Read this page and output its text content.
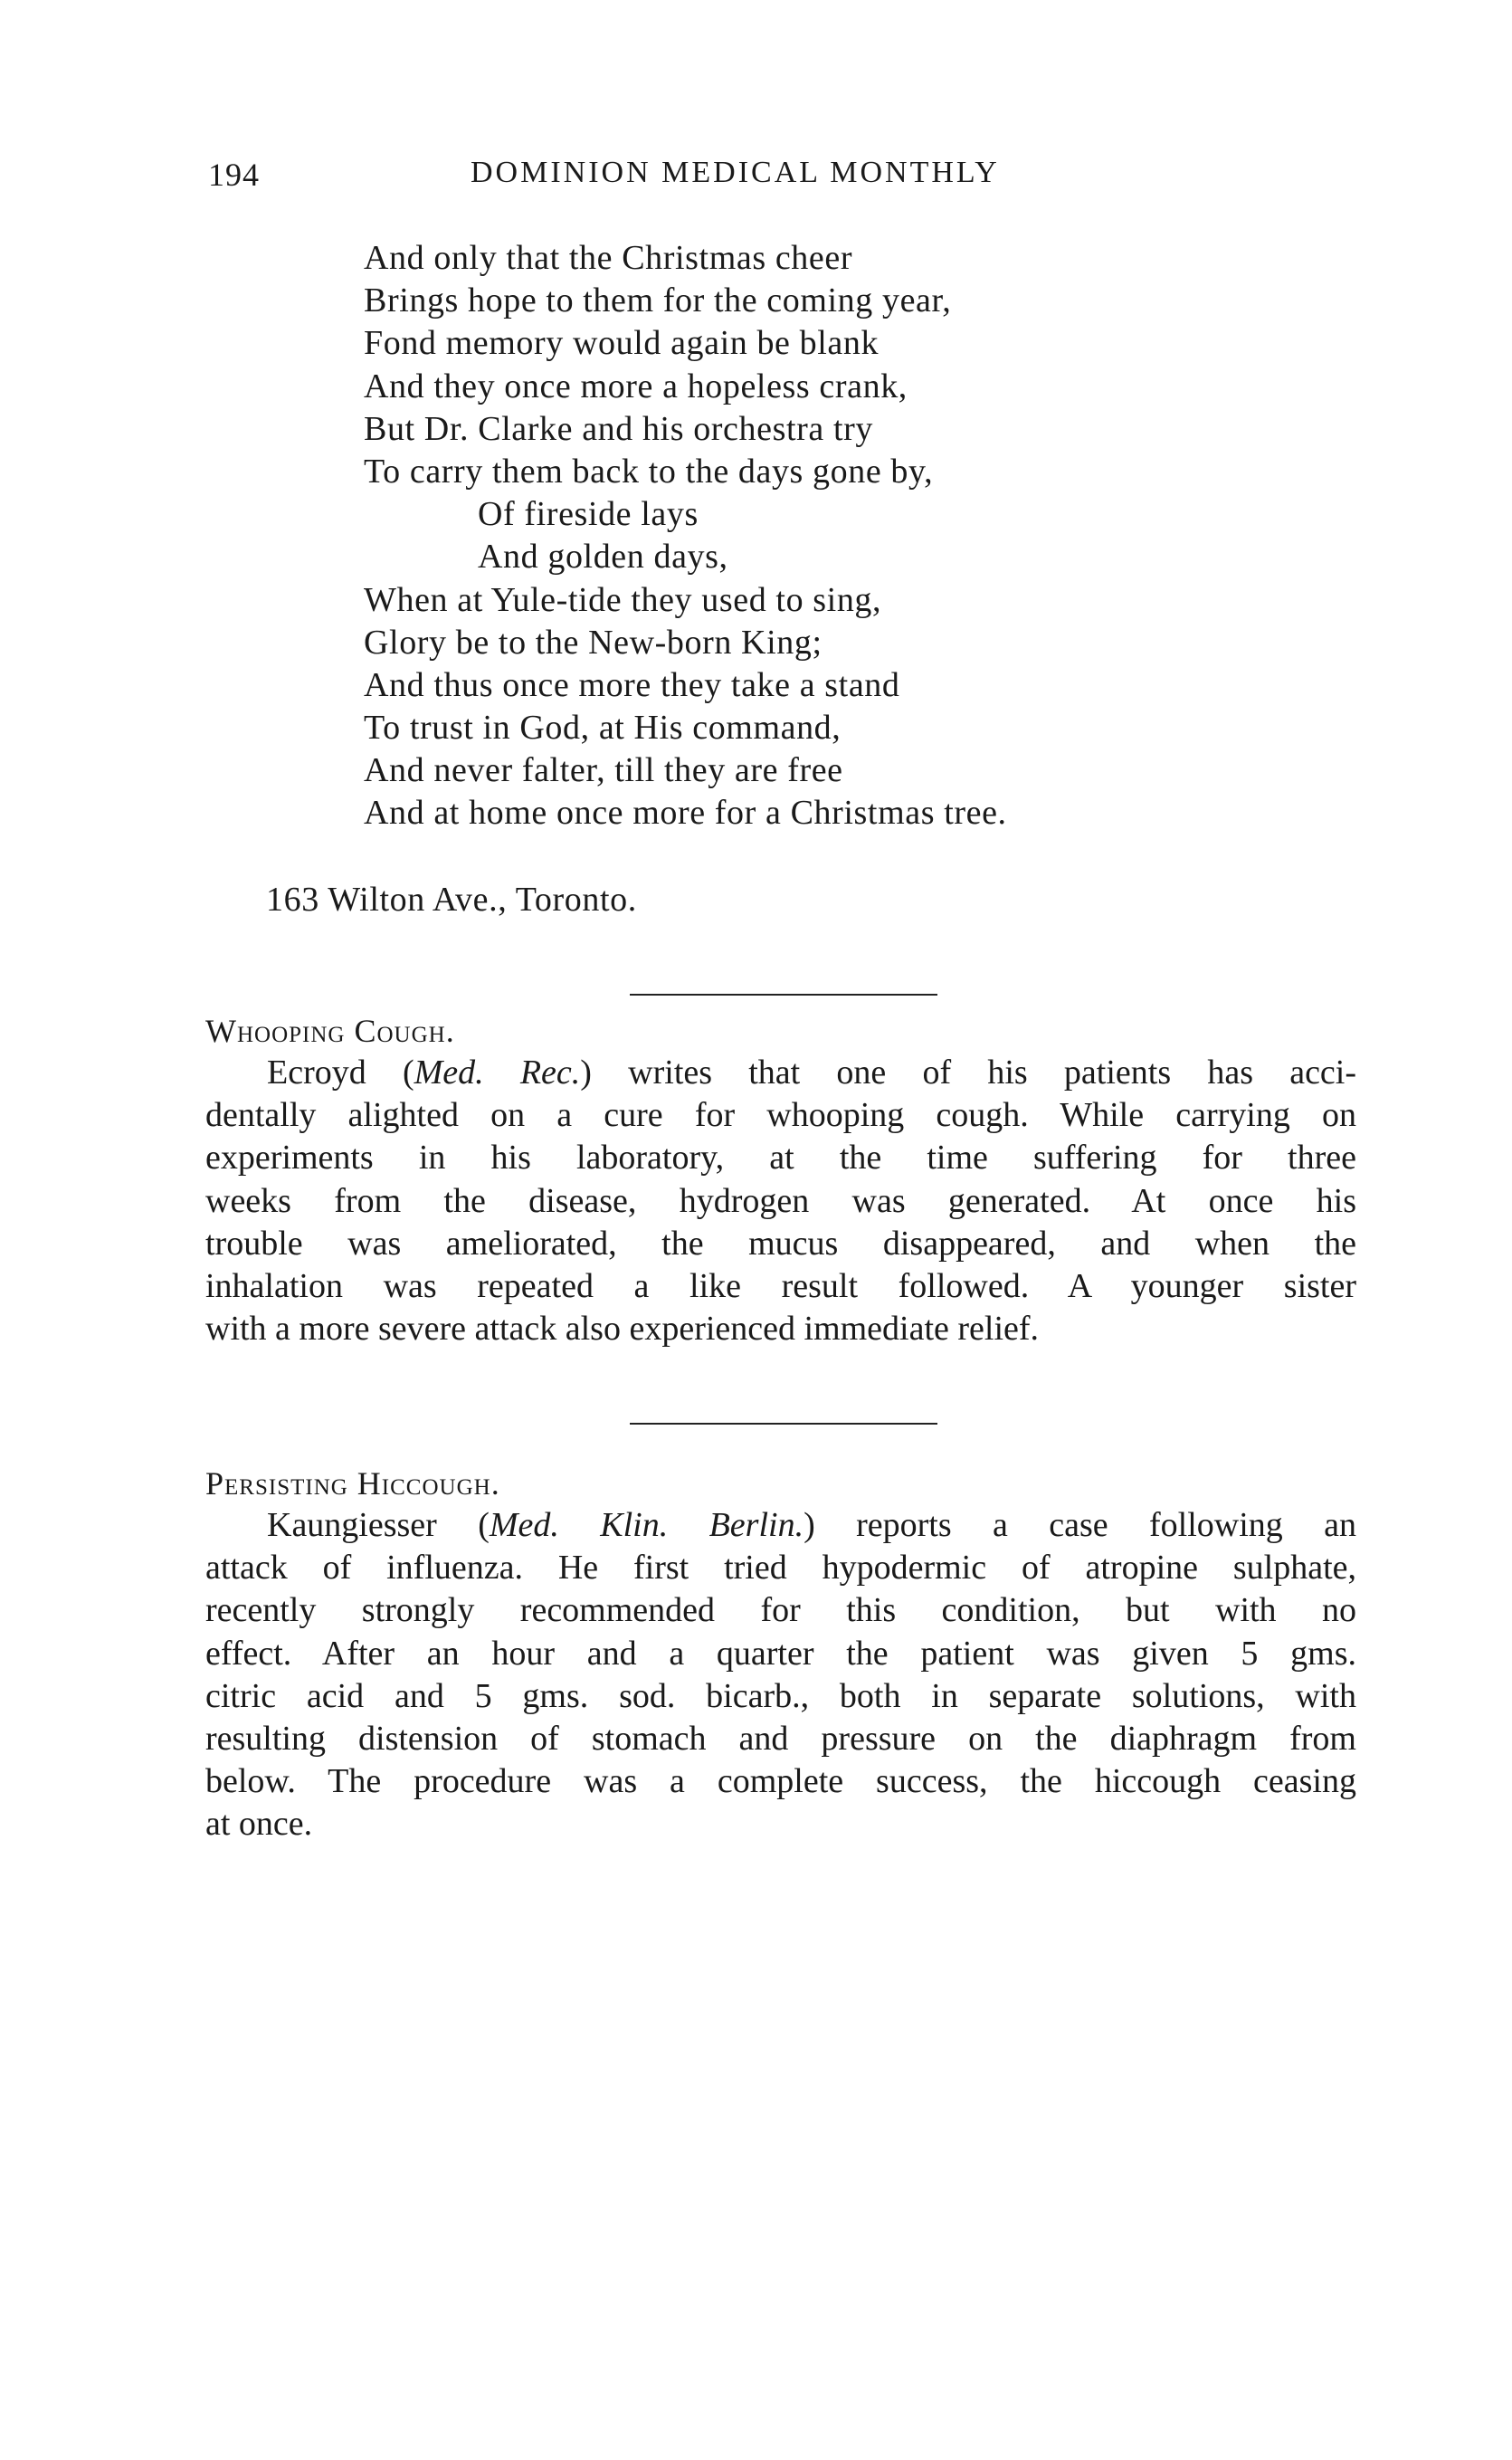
194	DOMINION MEDICAL MONTHLY
And only that the Christmas cheer
Brings hope to them for the coming year,
Fond memory would again be blank
And they once more a hopeless crank,
But Dr. Clarke and his orchestra try
To carry them back to the days gone by,
Of fireside lays
And golden days,
When at Yule-tide they used to sing,
Glory be to the New-born King;
And thus once more they take a stand
To trust in God, at His command,
And never falter, till they are free
And at home once more for a Christmas tree.
163 Wilton Ave., Toronto.
Whooping Cough.
Ecroyd (Med. Rec.) writes that one of his patients has acci-
dentally alighted on a cure for whooping cough. While carrying on
experiments in his laboratory, at the time suffering for three
weeks from the disease, hydrogen was generated. At once his
trouble was ameliorated, the mucus disappeared, and when the
inhalation was repeated a like result followed. A younger sister
with a more severe attack also experienced immediate relief.
Persisting Hiccough.
Kaungiesser (Med. Klin. Berlin.) reports a case following an
attack of influenza. He first tried hypodermic of atropine sulphate,
recently strongly recommended for this condition, but with no
effect. After an hour and a quarter the patient was given 5 gms.
citric acid and 5 gms. sod. bicarb., both in separate solutions, with
resulting distension of stomach and pressure on the diaphragm from
below. The procedure was a complete success, the hiccough ceasing
at once.
